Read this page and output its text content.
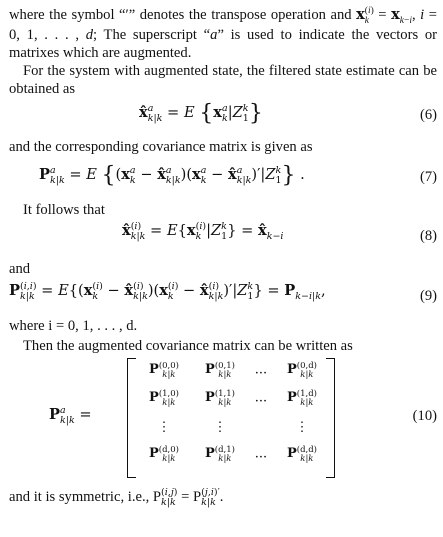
where the symbol “′” denotes the transpose operation and x (i)
$k = x_{k-i}$, i = 0, 1, . . . , d; The superscript “a” is used to indicate the vectors or matrixes which are augmented.
For the system with augmented state, the filtered state estimate can be obtained as
x̂ a
k|k = E {x a
k |Z k
1 }	(6)
and the corresponding covariance matrix is given as
P a
k|k = E {(x a
k − x̂ a
k|k )(x a
k − x̂ a
k|k )′|Z k
1 } .	(7)
It follows that
x̂ (i)
k|k = E{x (i)
k |Z k
1 } = $x̂_{k-i}$	(8)
and
P (i,i)
k|k = E{(x (i)
k − x̂ (i)
k|k )(x (i)
k − x̂ (i)
k|k )′|Z k
1 } = $P_{k-i|k}$,	(9)
where i = 0, 1, . . . , d.
Then the augmented covariance matrix can be written as
P a
k|k =
P (0,0)
k|k	P (0,1)
k|k	···	P (0,d)
k|k
P (1,0)
k|k	P (1,1)
k|k	···	P (1,d)
k|k
⋮	⋮	⋮
P (d,0)
k|k	P (d,1)
k|k	···	P (d,d)
k|k
(10)
and it is symmetric, i.e., P (i,j)
k|k = P (j,i)′
k|k .
